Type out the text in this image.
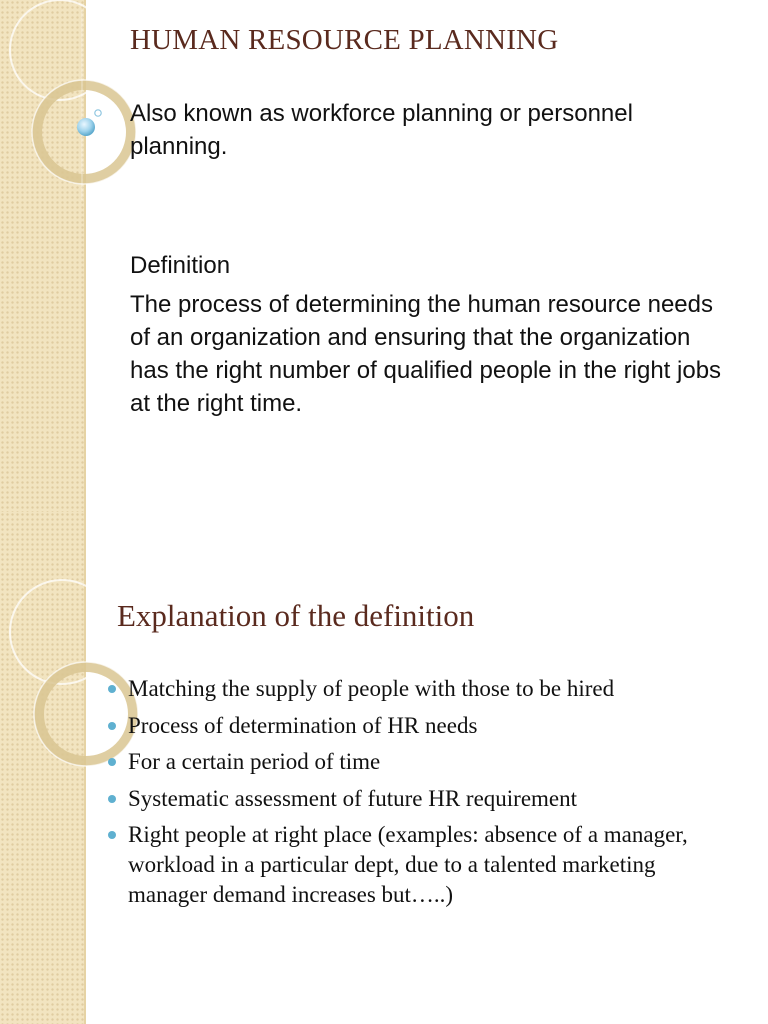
HUMAN RESOURCE PLANNING

Also known as workforce planning or personnel planning.

Definition

The process of determining the human resource needs of an organization and ensuring that the organization has the right number of qualified people in the right jobs at the right time.

Explanation of the definition
Matching the supply of people with those to be hired
Process of determination of HR needs
For a certain period of time
Systematic assessment of future HR requirement
Right people at right place (examples: absence of a manager, workload in a particular dept, due to a talented marketing manager demand increases but…..)
